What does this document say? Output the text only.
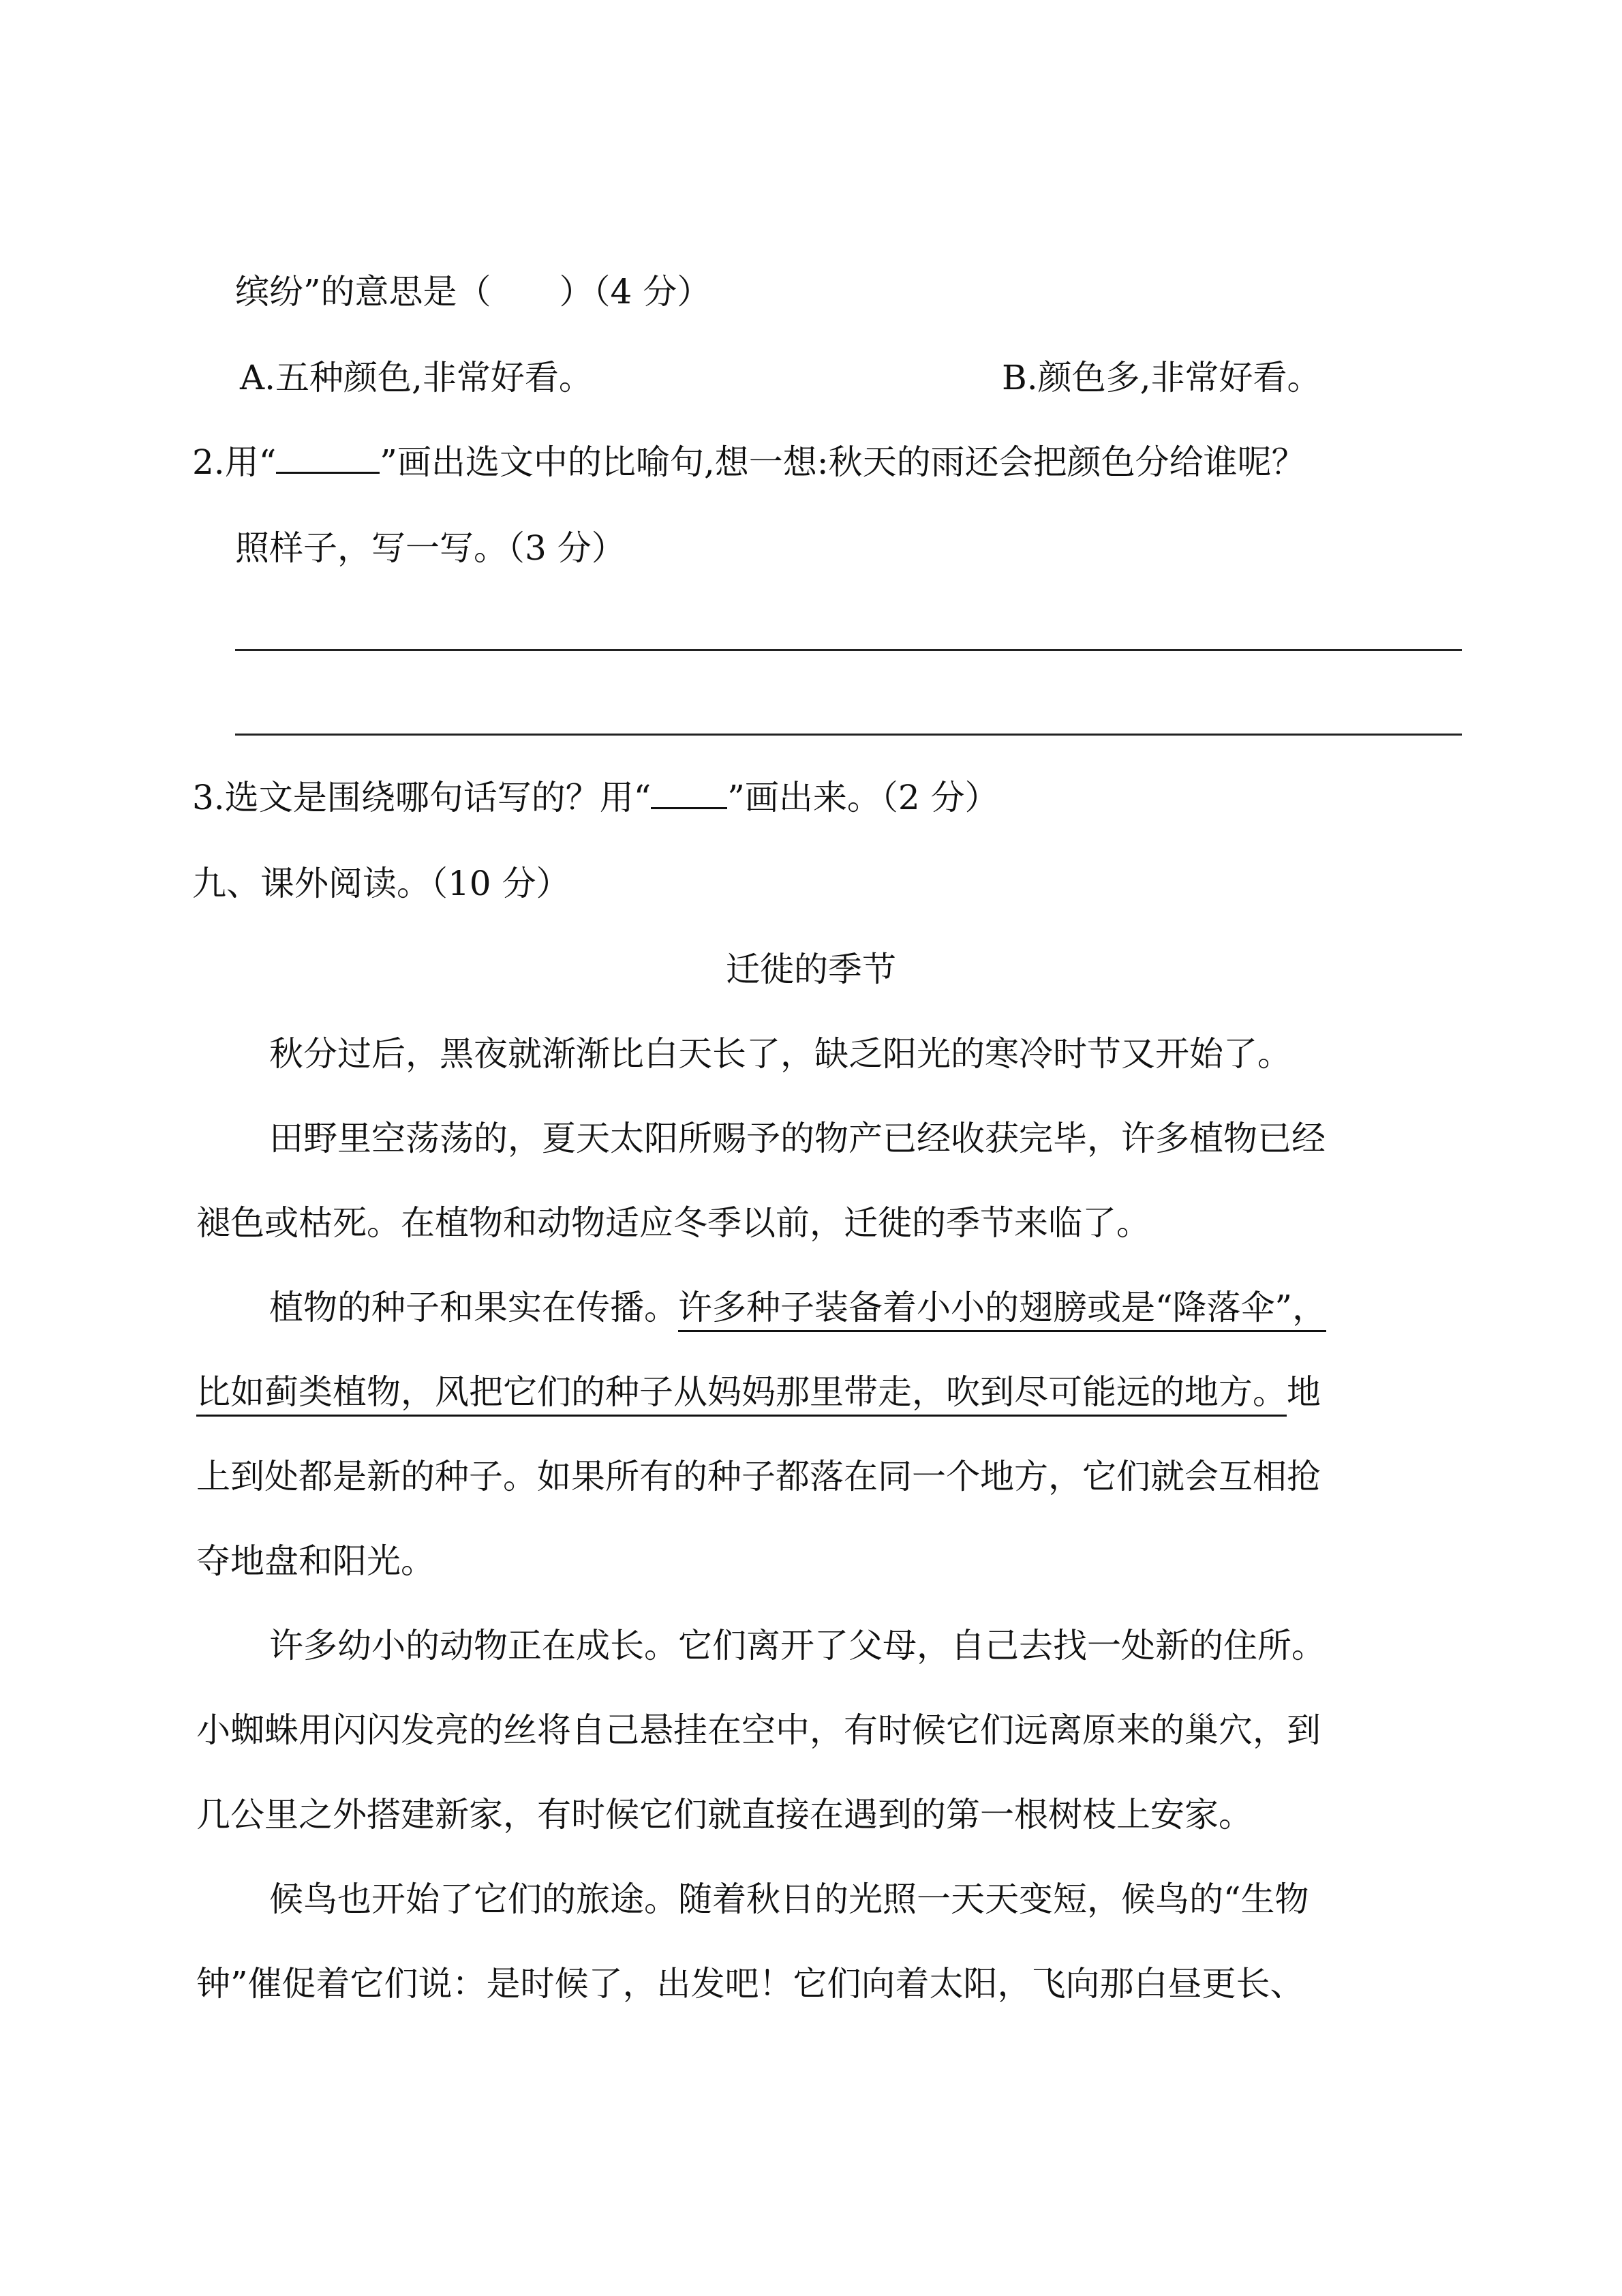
缤纷”的意思是（　　）（4 分）

A.五种颜色,非常好看。	B.颜色多,非常好看。

2.用“	”画出选文中的比喻句,想一想:秋天的雨还会把颜色分给谁呢？

照样子，写一写。（3 分）

3.选文是围绕哪句话写的？用“ ”画出来。（2 分）

九、课外阅读。（10 分）

迁徙的季节

秋分过后，黑夜就渐渐比白天长了，缺乏阳光的寒冷时节又开始了。

田野里空荡荡的，夏天太阳所赐予的物产已经收获完毕，许多植物已经

褪色或枯死。在植物和动物适应冬季以前，迁徙的季节来临了。

植物的种子和果实在传播。许多种子装备着小小的翅膀或是“降落伞”，

比如蓟类植物，风把它们的种子从妈妈那里带走，吹到尽可能远的地方。地

上到处都是新的种子。如果所有的种子都落在同一个地方，它们就会互相抢

夺地盘和阳光。

许多幼小的动物正在成长。它们离开了父母，自己去找一处新的住所。

小蜘蛛用闪闪发亮的丝将自己悬挂在空中，有时候它们远离原来的巢穴，到

几公里之外搭建新家，有时候它们就直接在遇到的第一根树枝上安家。

候鸟也开始了它们的旅途。随着秋日的光照一天天变短，候鸟的“生物

钟”催促着它们说：是时候了，出发吧！它们向着太阳，飞向那白昼更长、
